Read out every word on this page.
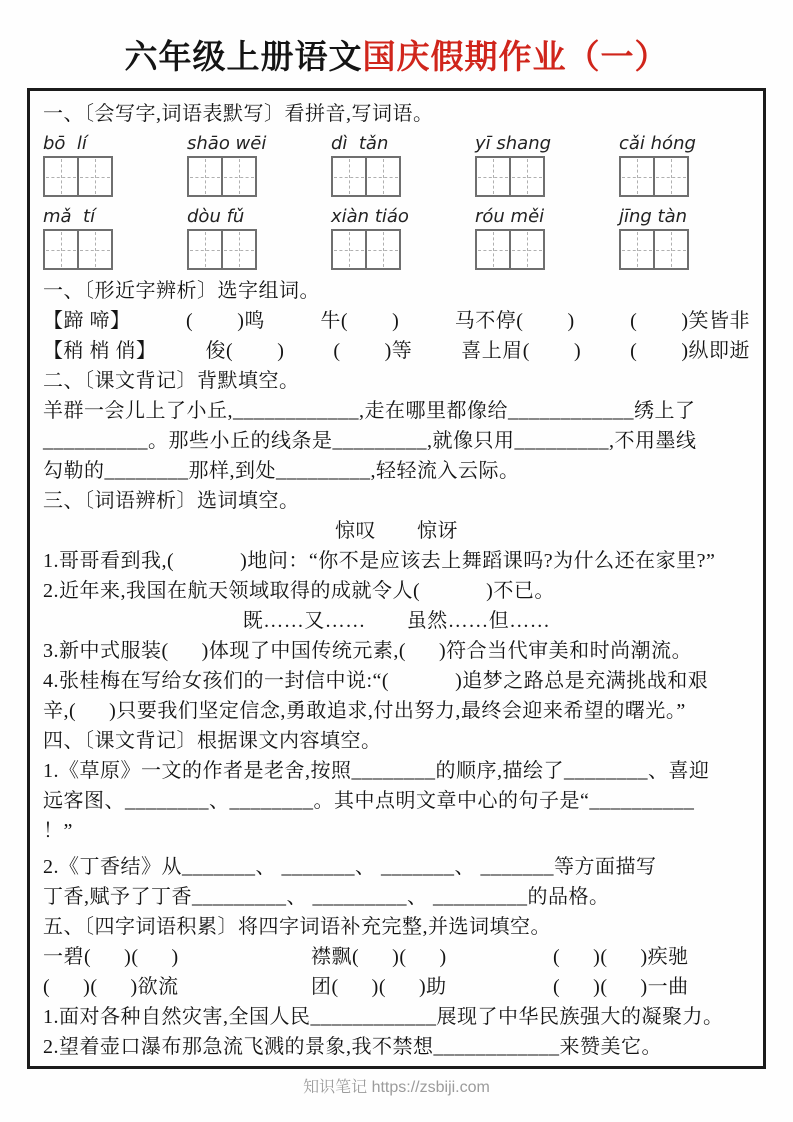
六年级上册语文国庆假期作业（一）

一、〔会写字,词语表默写〕看拼音,写词语。

bō  lí	shāo wēi	dì  tǎn	yī shang	cǎi hóng
mǎ  tí	dòu fǔ	xiàn tiáo	róu měi	jīng tàn

一、〔形近字辨析〕选字组词。

【蹄 啼】	(        )鸣	牛(        )	马不停(        )	(        )笑皆非
【稍 梢 俏】 俊(        ) (        )等 喜上眉(        ) (        )纵即逝

二、〔课文背记〕背默填空。

羊群一会儿上了小丘,____________,走在哪里都像给____________绣上了

__________。那些小丘的线条是_________,就像只用_________,不用墨线

勾勒的________那样,到处_________,轻轻流入云际。

三、〔词语辨析〕选词填空。

惊叹　　惊讶

1.哥哥看到我,(            )地问：“你不是应该去上舞蹈课吗?为什么还在家里?”

2.近年来,我国在航天领域取得的成就令人(            )不已。

既……又……　　虽然……但……

3.新中式服装(      )体现了中国传统元素,(      )符合当代审美和时尚潮流。

4.张桂梅在写给女孩们的一封信中说:“(            )追梦之路总是充满挑战和艰

辛,(      )只要我们坚定信念,勇敢追求,付出努力,最终会迎来希望的曙光。”

四、〔课文背记〕根据课文内容填空。

1.《草原》一文的作者是老舍,按照________的顺序,描绘了________、喜迎

远客图、________、________。其中点明文章中心的句子是“__________

！”

2.《丁香结》从_______、 _______、 _______、 _______等方面描写

丁香,赋予了丁香_________、 _________、 _________的品格。

五、〔四字词语积累〕将四字词语补充完整,并选词填空。

一碧(      )(      )	襟飘(      )(      )	(      )(      )疾驰
(      )(      )欲流	团(      )(      )助	(      )(      )一曲

1.面对各种自然灾害,全国人民____________展现了中华民族强大的凝聚力。

2.望着壶口瀑布那急流飞溅的景象,我不禁想____________来赞美它。

知识笔记 https://zsbiji.com
